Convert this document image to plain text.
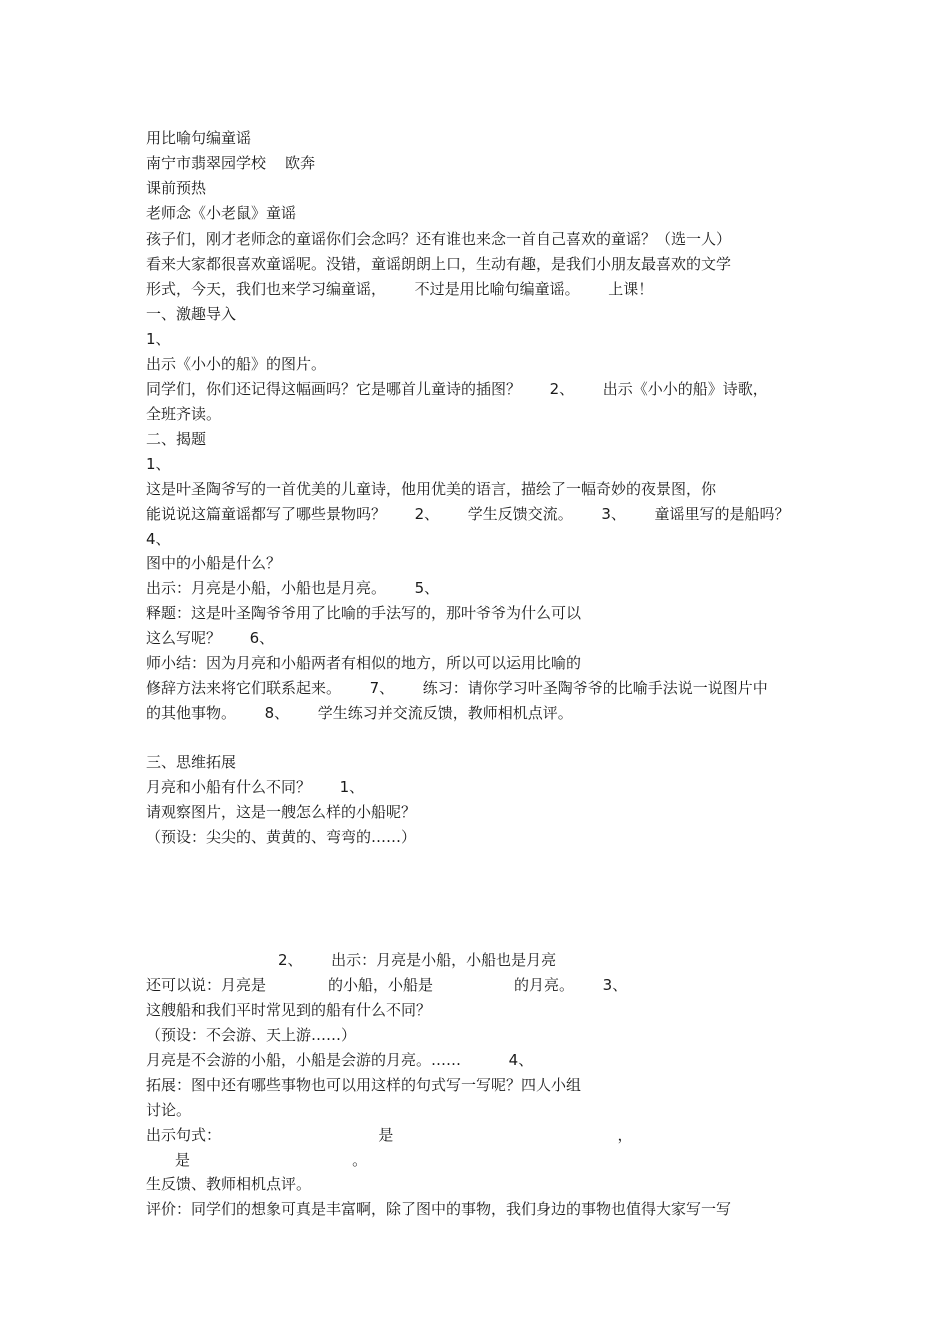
用比喻句编童谣
南宁市翡翠园学校    欧奔
课前预热
老师念《小老鼠》童谣
孩子们，刚才老师念的童谣你们会念吗？还有谁也来念一首自己喜欢的童谣？（选一人）
看来大家都很喜欢童谣呢。没错，童谣朗朗上口，生动有趣，是我们小朋友最喜欢的文学
形式，今天，我们也来学习编童谣，      不过是用比喻句编童谣。      上课！
一、激趣导入
1、
出示《小小的船》的图片。
同学们，你们还记得这幅画吗？它是哪首儿童诗的插图？      2、      出示《小小的船》诗歌，
全班齐读。
二、揭题
1、
这是叶圣陶爷写的一首优美的儿童诗，他用优美的语言，描绘了一幅奇妙的夜景图，你
能说说这篇童谣都写了哪些景物吗？      2、      学生反馈交流。      3、      童谣里写的是船吗？
4、
图中的小船是什么？
出示：月亮是小船，小船也是月亮。      5、
释题：这是叶圣陶爷爷用了比喻的手法写的，那叶爷爷为什么可以
这么写呢？      6、
师小结：因为月亮和小船两者有相似的地方，所以可以运用比喻的
修辞方法来将它们联系起来。      7、      练习：请你学习叶圣陶爷爷的比喻手法说一说图片中
的其他事物。      8、      学生练习并交流反馈，教师相机点评。
三、思维拓展
月亮和小船有什么不同？      1、
请观察图片，这是一艘怎么样的小船呢？
（预设：尖尖的、黄黄的、弯弯的……）
2、      出示：月亮是小船，小船也是月亮
还可以说：月亮是             的小船，小船是                 的月亮。      3、
这艘船和我们平时常见到的船有什么不同？
（预设：不会游、天上游……）
月亮是不会游的小船，小船是会游的月亮。……          4、
拓展：图中还有哪些事物也可以用这样的句式写一写呢？四人小组
讨论。
出示句式：                                 是                                               ，
是                                  。
生反馈、教师相机点评。
评价：同学们的想象可真是丰富啊，除了图中的事物，我们身边的事物也值得大家写一写
